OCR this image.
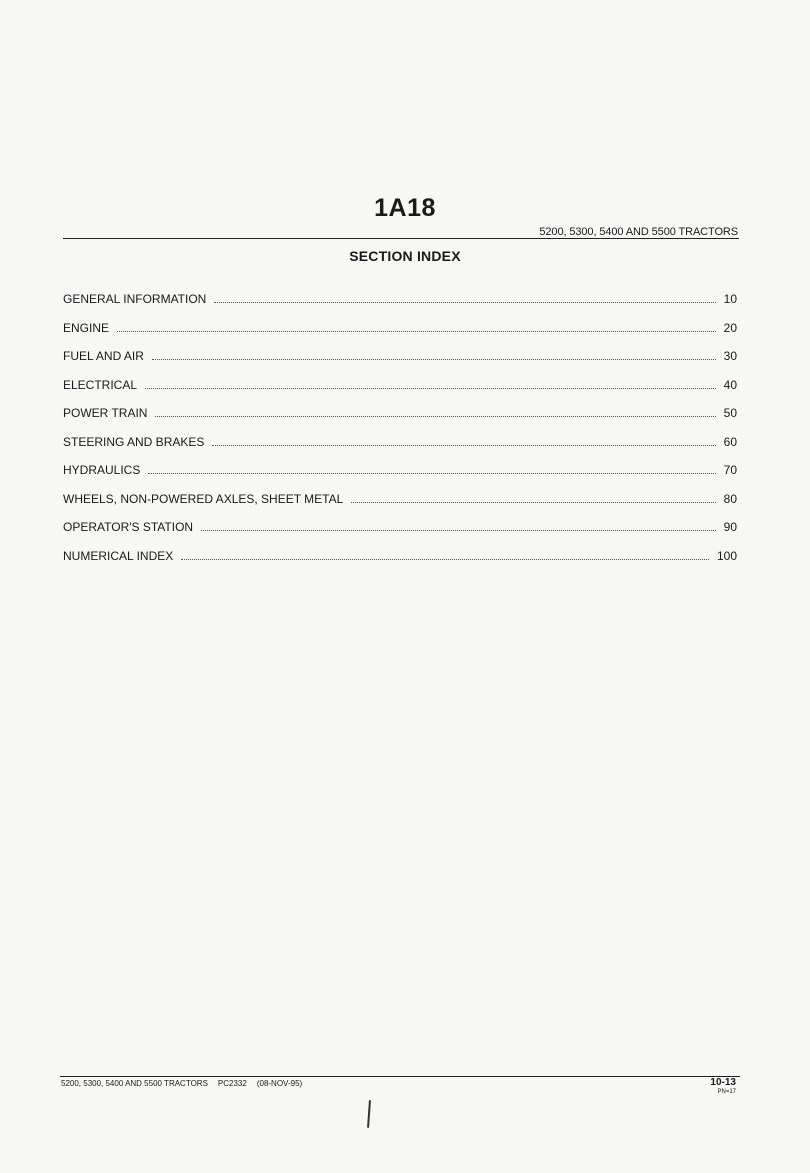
1A18
5200, 5300, 5400 AND 5500 TRACTORS
SECTION INDEX
GENERAL INFORMATION	10
ENGINE	20
FUEL AND AIR	30
ELECTRICAL	40
POWER TRAIN	50
STEERING AND BRAKES	60
HYDRAULICS	70
WHEELS, NON-POWERED AXLES, SHEET METAL	80
OPERATOR'S STATION	90
NUMERICAL INDEX	100
5200, 5300, 5400 AND 5500 TRACTORS PC2332 (08-NOV-95)	10-13
PN=17
